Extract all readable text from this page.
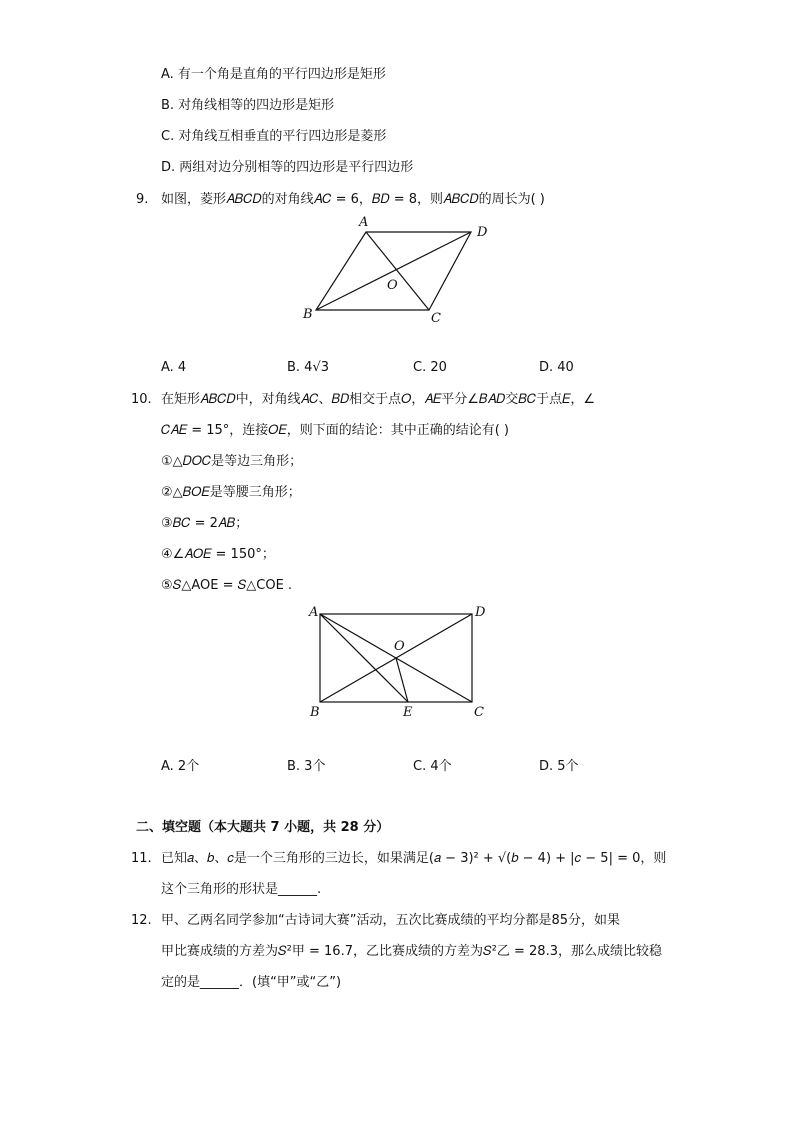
A. 有一个角是直角的平行四边形是矩形
B. 对角线相等的四边形是矩形
C. 对角线互相垂直的平行四边形是菱形
D. 两组对边分别相等的四边形是平行四边形
9. 如图，菱形𝐴𝐵𝐶𝐷的对角线𝐴𝐶 = 6，𝐵𝐷 = 8，则𝐴𝐵𝐶𝐷的周长为( )
A
D
B	C
O
A. 4	B. 4√3	C. 20	D. 40
10. 在矩形𝐴𝐵𝐶𝐷中，对角线𝐴𝐶、𝐵𝐷相交于点𝑂，𝐴𝐸平分∠𝐵𝐴𝐷交𝐵𝐶于点𝐸，∠
𝐶𝐴𝐸 = 15°，连接𝑂𝐸，则下面的结论：其中正确的结论有( )
①△𝐷𝑂𝐶是等边三角形；
②△𝐵𝑂𝐸是等腰三角形；
③𝐵𝐶 = 2𝐴𝐵；
④∠𝐴𝑂𝐸 = 150°；
⑤𝑆△AOE = 𝑆△COE .
A	D
B	E	C
O
A. 2个	B. 3个	C. 4个	D. 5个
二、填空题（本大题共 7 小题，共 28 分）
11. 已知𝑎、𝑏、𝑐是一个三角形的三边长，如果满足(𝑎 − 3)² + √(𝑏 − 4) + |𝑐 − 5| = 0，则
这个三角形的形状是______.
12. 甲、乙两名同学参加“古诗词大赛”活动，五次比赛成绩的平均分都是85分，如果
甲比赛成绩的方差为𝑆²甲 = 16.7，乙比赛成绩的方差为𝑆²乙 = 28.3，那么成绩比较稳
定的是______．(填“甲”或“乙”)
